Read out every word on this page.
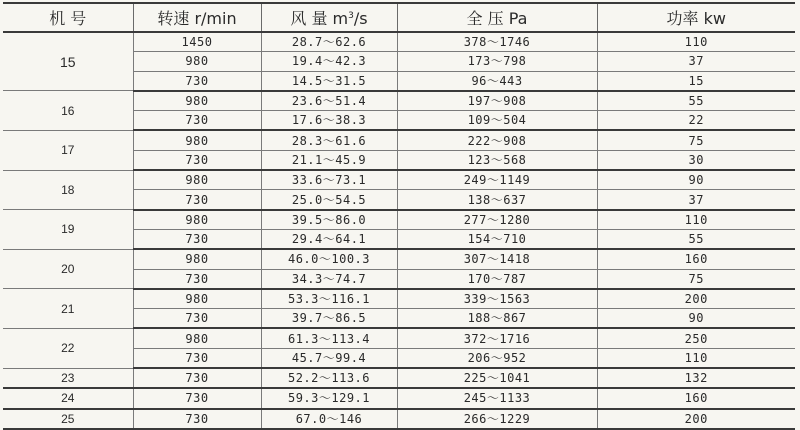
机 号	转速 r/min	风 量 $m^3/s$	全 压 Pa	功率 kw
15	1450	28.7～62.6	378～1746	110
	980	19.4～42.3	173～798	37
	730	14.5～31.5	96～443	15
16	980	23.6～51.4	197～908	55
	730	17.6～38.3	109～504	22
17	980	28.3～61.6	222～908	75
	730	21.1～45.9	123～568	30
18	980	33.6～73.1	249～1149	90
	730	25.0～54.5	138～637	37
19	980	39.5～86.0	277～1280	110
	730	29.4～64.1	154～710	55
20	980	46.0～100.3	307～1418	160
	730	34.3～74.7	170～787	75
21	980	53.3～116.1	339～1563	200
	730	39.7～86.5	188～867	90
22	980	61.3～113.4	372～1716	250
	730	45.7～99.4	206～952	110
23	730	52.2～113.6	225～1041	132
24	730	59.3～129.1	245～1133	160
25	730	67.0～146	266～1229	200
